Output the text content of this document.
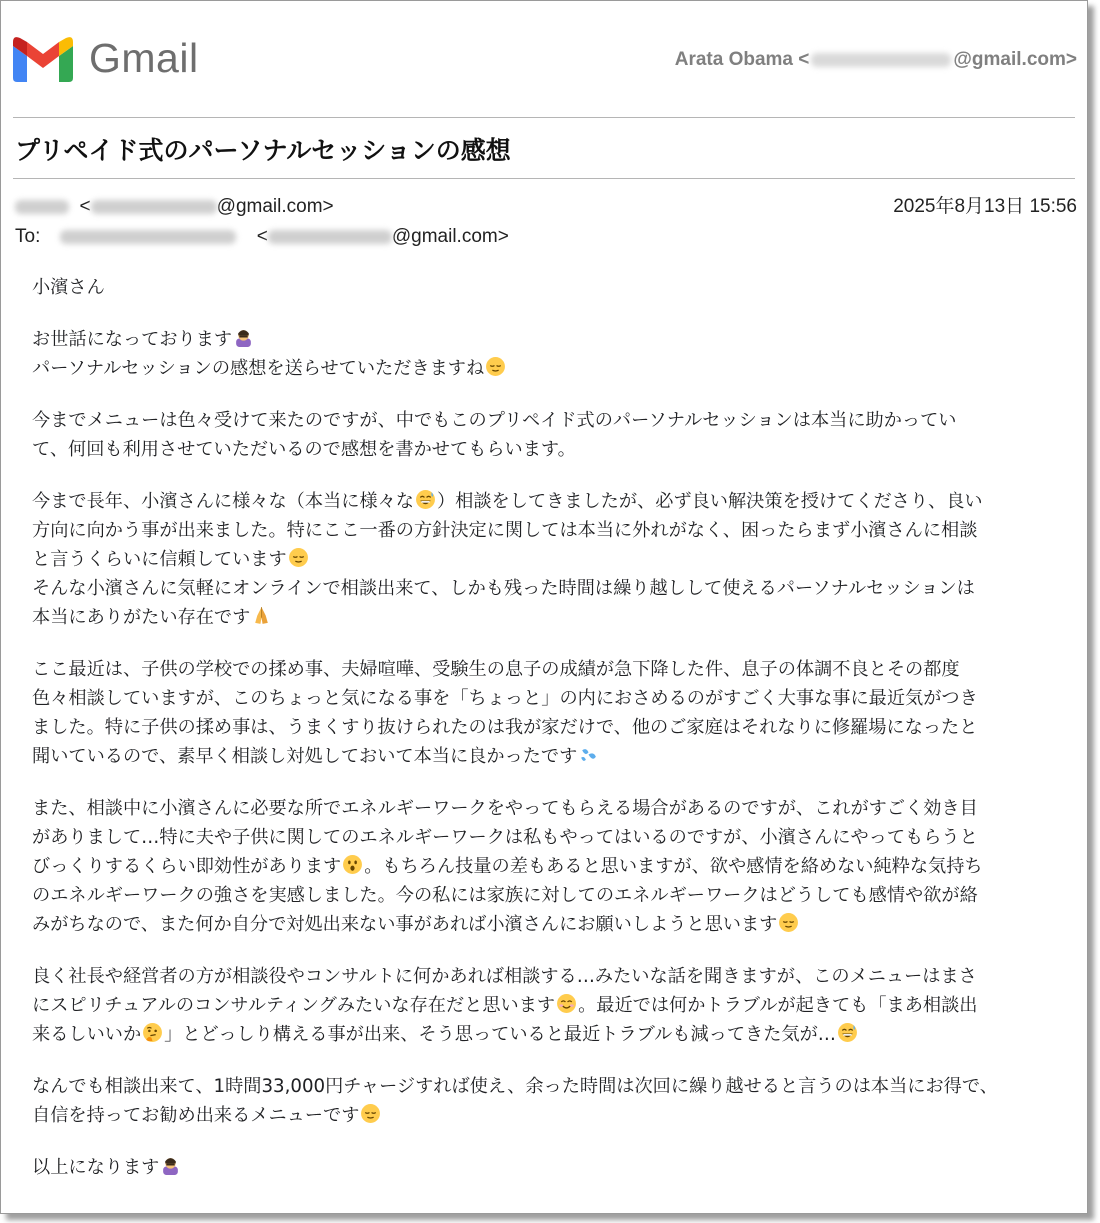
Gmail	Arata Obama <	@gmail.com>
プリペイド式のパーソナルセッションの感想
<	@gmail.com>	2025年8月13日 15:56
To:	<	@gmail.com>

小濱さん

お世話になっております
パーソナルセッションの感想を送らせていただきますね

今までメニューは色々受けて来たのですが、中でもこのプリペイド式のパーソナルセッションは本当に助かってい
て、何回も利用させていただいるので感想を書かせてもらいます。

今まで長年、小濱さんに様々な（本当に様々な ）相談をしてきましたが、必ず良い解決策を授けてくださり、良い
方向に向かう事が出来ました。特にここ一番の方針決定に関しては本当に外れがなく、困ったらまず小濱さんに相談
と言うくらいに信頼しています
そんな小濱さんに気軽にオンラインで相談出来て、しかも残った時間は繰り越しして使えるパーソナルセッションは
本当にありがたい存在です

ここ最近は、子供の学校での揉め事、夫婦喧嘩、受験生の息子の成績が急下降した件、息子の体調不良とその都度
色々相談していますが、このちょっと気になる事を「ちょっと」の内におさめるのがすごく大事な事に最近気がつき
ました。特に子供の揉め事は、うまくすり抜けられたのは我が家だけで、他のご家庭はそれなりに修羅場になったと
聞いているので、素早く相談し対処しておいて本当に良かったです

また、相談中に小濱さんに必要な所でエネルギーワークをやってもらえる場合があるのですが、これがすごく効き目
がありまして…特に夫や子供に関してのエネルギーワークは私もやってはいるのですが、小濱さんにやってもらうと
びっくりするくらい即効性があります 。もちろん技量の差もあると思いますが、欲や感情を絡めない純粋な気持ち
のエネルギーワークの強さを実感しました。今の私には家族に対してのエネルギーワークはどうしても感情や欲が絡
みがちなので、また何か自分で対処出来ない事があれば小濱さんにお願いしようと思います

良く社長や経営者の方が相談役やコンサルトに何かあれば相談する…みたいな話を聞きますが、このメニューはまさ
にスピリチュアルのコンサルティングみたいな存在だと思います 。最近では何かトラブルが起きても「まあ相談出
来るしいいか 」とどっしり構える事が出来、そう思っていると最近トラブルも減ってきた気が…

なんでも相談出来て、1時間33,000円チャージすれば使え、余った時間は次回に繰り越せると言うのは本当にお得で、
自信を持ってお勧め出来るメニューです

以上になります
